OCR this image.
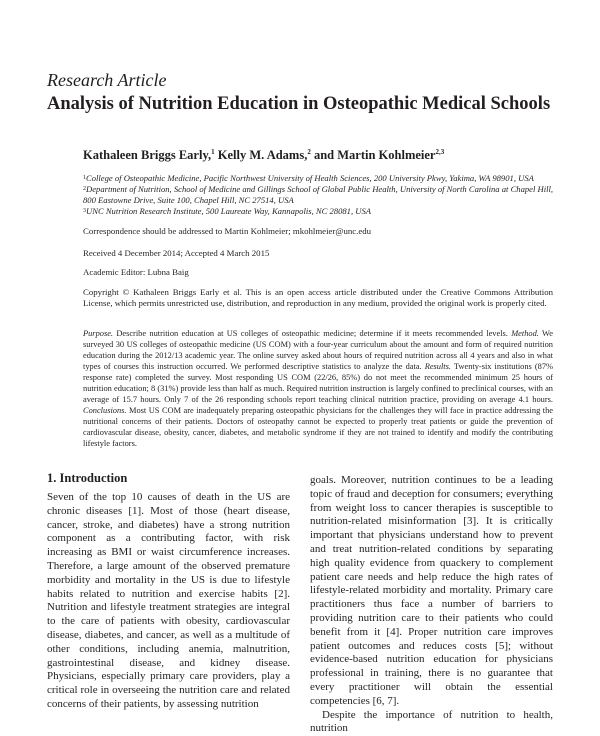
Research Article
Analysis of Nutrition Education in Osteopathic Medical Schools
Kathaleen Briggs Early,$^1$ Kelly M. Adams,$^2$ and Martin Kohlmeier$^{2,3}$
$^1$College of Osteopathic Medicine, Pacific Northwest University of Health Sciences, 200 University Pkwy, Yakima, WA 98901, USA
$^2$Department of Nutrition, School of Medicine and Gillings School of Global Public Health, University of North Carolina at Chapel Hill, 800 Eastowne Drive, Suite 100, Chapel Hill, NC 27514, USA
$^3$UNC Nutrition Research Institute, 500 Laureate Way, Kannapolis, NC 28081, USA
Correspondence should be addressed to Martin Kohlmeier; mkohlmeier@unc.edu
Received 4 December 2014; Accepted 4 March 2015
Academic Editor: Lubna Baig
Copyright © Kathaleen Briggs Early et al. This is an open access article distributed under the Creative Commons Attribution License, which permits unrestricted use, distribution, and reproduction in any medium, provided the original work is properly cited.
Purpose. Describe nutrition education at US colleges of osteopathic medicine; determine if it meets recommended levels. Method. We surveyed 30 US colleges of osteopathic medicine (US COM) with a four-year curriculum about the amount and form of required nutrition education during the 2012/13 academic year. The online survey asked about hours of required nutrition across all 4 years and also in what types of courses this instruction occurred. We performed descriptive statistics to analyze the data. Results. Twenty-six institutions (87% response rate) completed the survey. Most responding US COM (22/26, 85%) do not meet the recommended minimum 25 hours of nutrition education; 8 (31%) provide less than half as much. Required nutrition instruction is largely confined to preclinical courses, with an average of 15.7 hours. Only 7 of the 26 responding schools report teaching clinical nutrition practice, providing on average 4.1 hours. Conclusions. Most US COM are inadequately preparing osteopathic physicians for the challenges they will face in practice addressing the nutritional concerns of their patients. Doctors of osteopathy cannot be expected to properly treat patients or guide the prevention of cardiovascular disease, obesity, cancer, diabetes, and metabolic syndrome if they are not trained to identify and modify the contributing lifestyle factors.
1. Introduction

Seven of the top 10 causes of death in the US are chronic diseases [1]. Most of those (heart disease, cancer, stroke, and diabetes) have a strong nutrition component as a contributing factor, with risk increasing as BMI or waist circumference increases. Therefore, a large amount of the observed premature morbidity and mortality in the US is due to lifestyle habits related to nutrition and exercise habits [2]. Nutrition and lifestyle treatment strategies are integral to the care of patients with obesity, cardiovascular disease, diabetes, and cancer, as well as a multitude of other conditions, including anemia, malnutrition, gastrointestinal disease, and kidney disease. Physicians, especially primary care providers, play a critical role in overseeing the nutrition care and related concerns of their patients, by assessing nutrition

goals. Moreover, nutrition continues to be a leading topic of fraud and deception for consumers; everything from weight loss to cancer therapies is susceptible to nutrition-related misinformation [3]. It is critically important that physicians understand how to prevent and treat nutrition-related conditions by separating high quality evidence from quackery to complement patient care needs and help reduce the high rates of lifestyle-related morbidity and mortality. Primary care practitioners thus face a number of barriers to providing nutrition care to their patients who could benefit from it [4]. Proper nutrition care improves patient outcomes and reduces costs [5]; without evidence-based nutrition education for physicians professional in training, there is no guarantee that every practitioner will obtain the essential competencies [6, 7].

Despite the importance of nutrition to health, nutrition
